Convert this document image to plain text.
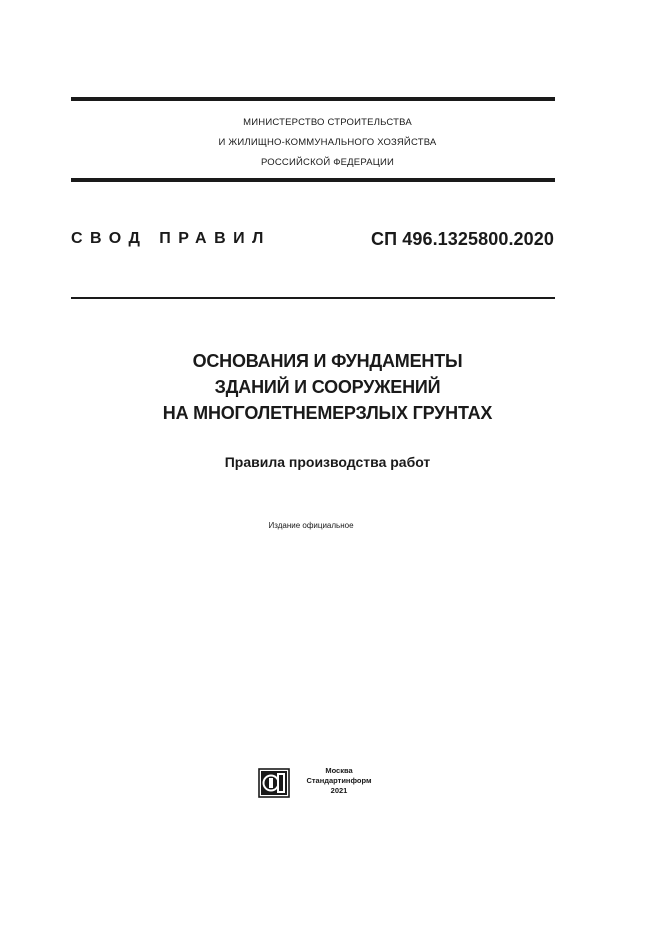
МИНИСТЕРСТВО СТРОИТЕЛЬСТВА
И ЖИЛИЩНО-КОММУНАЛЬНОГО ХОЗЯЙСТВА
РОССИЙСКОЙ ФЕДЕРАЦИИ
СВОД ПРАВИЛ	СП 496.1325800.2020
ОСНОВАНИЯ И ФУНДАМЕНТЫ
ЗДАНИЙ И СООРУЖЕНИЙ
НА МНОГОЛЕТНЕМЕРЗЛЫХ ГРУНТАХ
Правила производства работ
Издание официальное
Москва
Стандартинформ
2021
